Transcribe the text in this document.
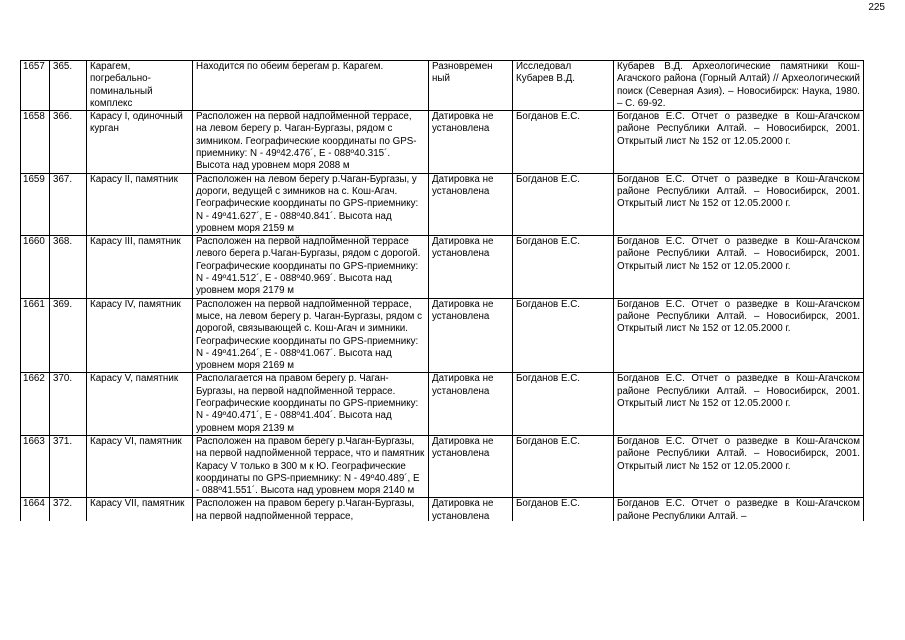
225
1657	365.	Карагем, погребально-поминальный комплекс	Находится по обеим берегам р. Карагем.	Разновремен ный	Исследовал Кубарев В.Д.	Кубарев В.Д. Археологические памятники Кош-Агачского района (Горный Алтай) // Археологический поиск (Северная Азия). – Новосибирск: Наука, 1980. – С. 69-92.
1658	366.	Карасу I, одиночный курган	Расположен на первой надпойменной террасе, на левом берегу р. Чаган-Бургазы, рядом с зимником. Географические координаты по GPS-приемнику: N - 49º42.476´, E - 088º40.315´. Высота над уровнем моря 2088 м	Датировка не установлена	Богданов Е.С.	Богданов Е.С. Отчет о разведке в Кош-Агачском районе Республики Алтай. – Новосибирск, 2001. Открытый лист № 152 от 12.05.2000 г.
1659	367.	Карасу II, памятник	Расположен на левом берегу р.Чаган-Бургазы, у дороги, ведущей с зимников на с. Кош-Агач. Географические координаты по GPS-приемнику: N - 49º41.627´, E - 088º40.841´. Высота над уровнем моря 2159 м	Датировка не установлена	Богданов Е.С.	Богданов Е.С. Отчет о разведке в Кош-Агачском районе Республики Алтай. – Новосибирск, 2001. Открытый лист № 152 от 12.05.2000 г.
1660	368.	Карасу III, памятник	Расположен на первой надпойменной террасе левого берега р.Чаган-Бургазы, рядом с дорогой. Географические координаты по GPS-приемнику: N - 49º41.512´, E - 088º40.969´. Высота над уровнем моря 2179 м	Датировка не установлена	Богданов Е.С.	Богданов Е.С. Отчет о разведке в Кош-Агачском районе Республики Алтай. – Новосибирск, 2001. Открытый лист № 152 от 12.05.2000 г.
1661	369.	Карасу IV, памятник	Расположен на первой надпойменной террасе, мысе, на левом берегу р. Чаган-Бургазы, рядом с дорогой, связывающей с. Кош-Агач и зимники. Географические координаты по GPS-приемнику: N - 49º41.264´, E - 088º41.067´. Высота над уровнем моря 2169 м	Датировка не установлена	Богданов Е.С.	Богданов Е.С. Отчет о разведке в Кош-Агачском районе Республики Алтай. – Новосибирск, 2001. Открытый лист № 152 от 12.05.2000 г.
1662	370.	Карасу V, памятник	Располагается на правом берегу р. Чаган-Бургазы, на первой надпойменной террасе. Географические координаты по GPS-приемнику: N - 49º40.471´, E - 088º41.404´. Высота над уровнем моря 2139 м	Датировка не установлена	Богданов Е.С.	Богданов Е.С. Отчет о разведке в Кош-Агачском районе Республики Алтай. – Новосибирск, 2001. Открытый лист № 152 от 12.05.2000 г.
1663	371.	Карасу VI, памятник	Расположен на правом берегу р.Чаган-Бургазы, на первой надпойменной террасе, что и памятник Карасу V только в 300 м к Ю. Географические координаты по GPS-приемнику: N - 49º40.489´, E - 088º41.551´. Высота над уровнем моря 2140 м	Датировка не установлена	Богданов Е.С.	Богданов Е.С. Отчет о разведке в Кош-Агачском районе Республики Алтай. – Новосибирск, 2001. Открытый лист № 152 от 12.05.2000 г.

1664	372.	Карасу VII, памятник	Расположен на правом берегу р.Чаган-Бургазы, на первой надпойменной террасе,	Датировка не установлена	Богданов Е.С.	Богданов Е.С. Отчет о разведке в Кош-Агачском районе Республики Алтай. –
